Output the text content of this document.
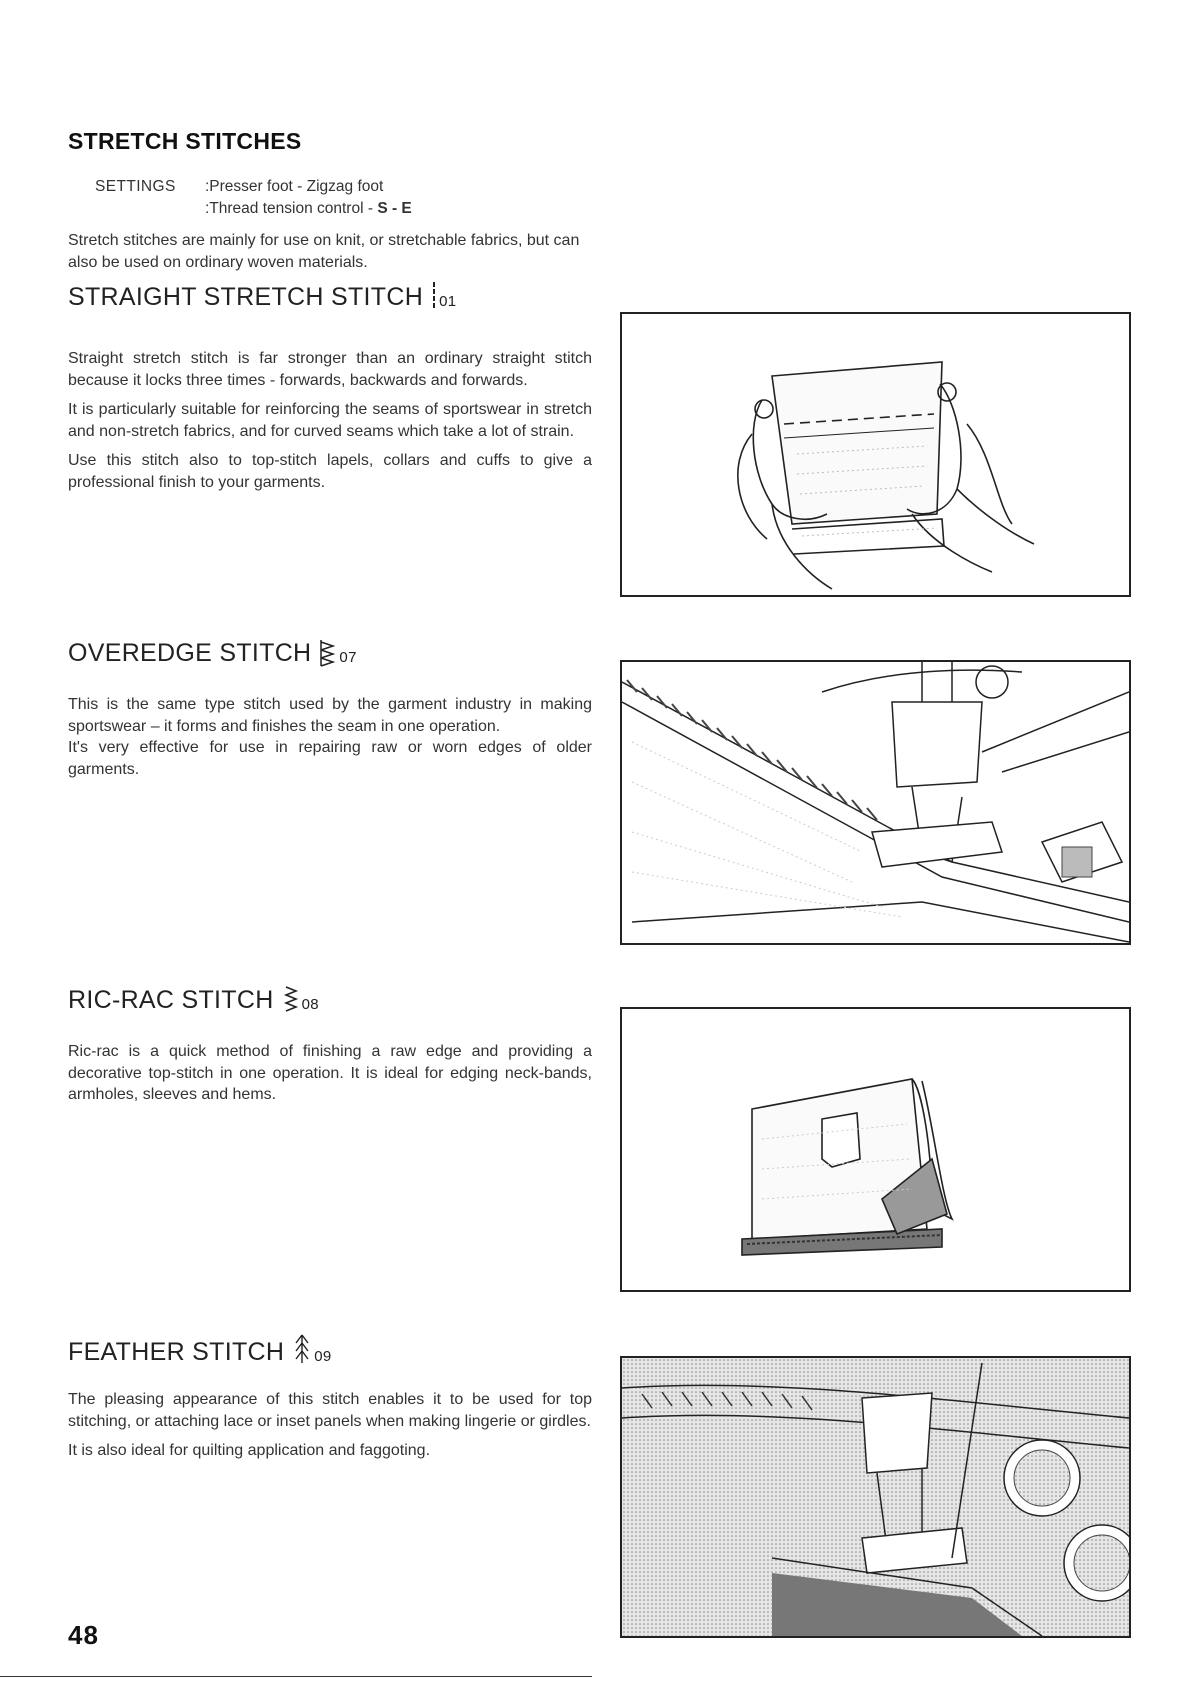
STRETCH STITCHES
SETTINGS :Presser foot - Zigzag foot
:Thread tension control - S - E
Stretch stitches are mainly for use on knit, or stretchable fabrics, but can also be used on ordinary woven materials.
STRAIGHT STRETCH STITCH 01

Straight stretch stitch is far stronger than an ordinary straight stitch because it locks three times - forwards, backwards and forwards.

It is particularly suitable for reinforcing the seams of sportswear in stretch and non-stretch fabrics, and for curved seams which take a lot of strain.

Use this stitch also to top-stitch lapels, collars and cuffs to give a professional finish to your garments.

OVEREDGE STITCH 07

This is the same type stitch used by the garment industry in making sportswear – it forms and finishes the seam in one operation.

It's very effective for use in repairing raw or worn edges of older garments.

RIC-RAC STITCH 08

Ric-rac is a quick method of finishing a raw edge and providing a decorative top-stitch in one operation. It is ideal for edging neck-bands, armholes, sleeves and hems.

FEATHER STITCH 09

The pleasing appearance of this stitch enables it to be used for top stitching, or attaching lace or inset panels when making lingerie or girdles.

It is also ideal for quilting application and faggoting.

48
